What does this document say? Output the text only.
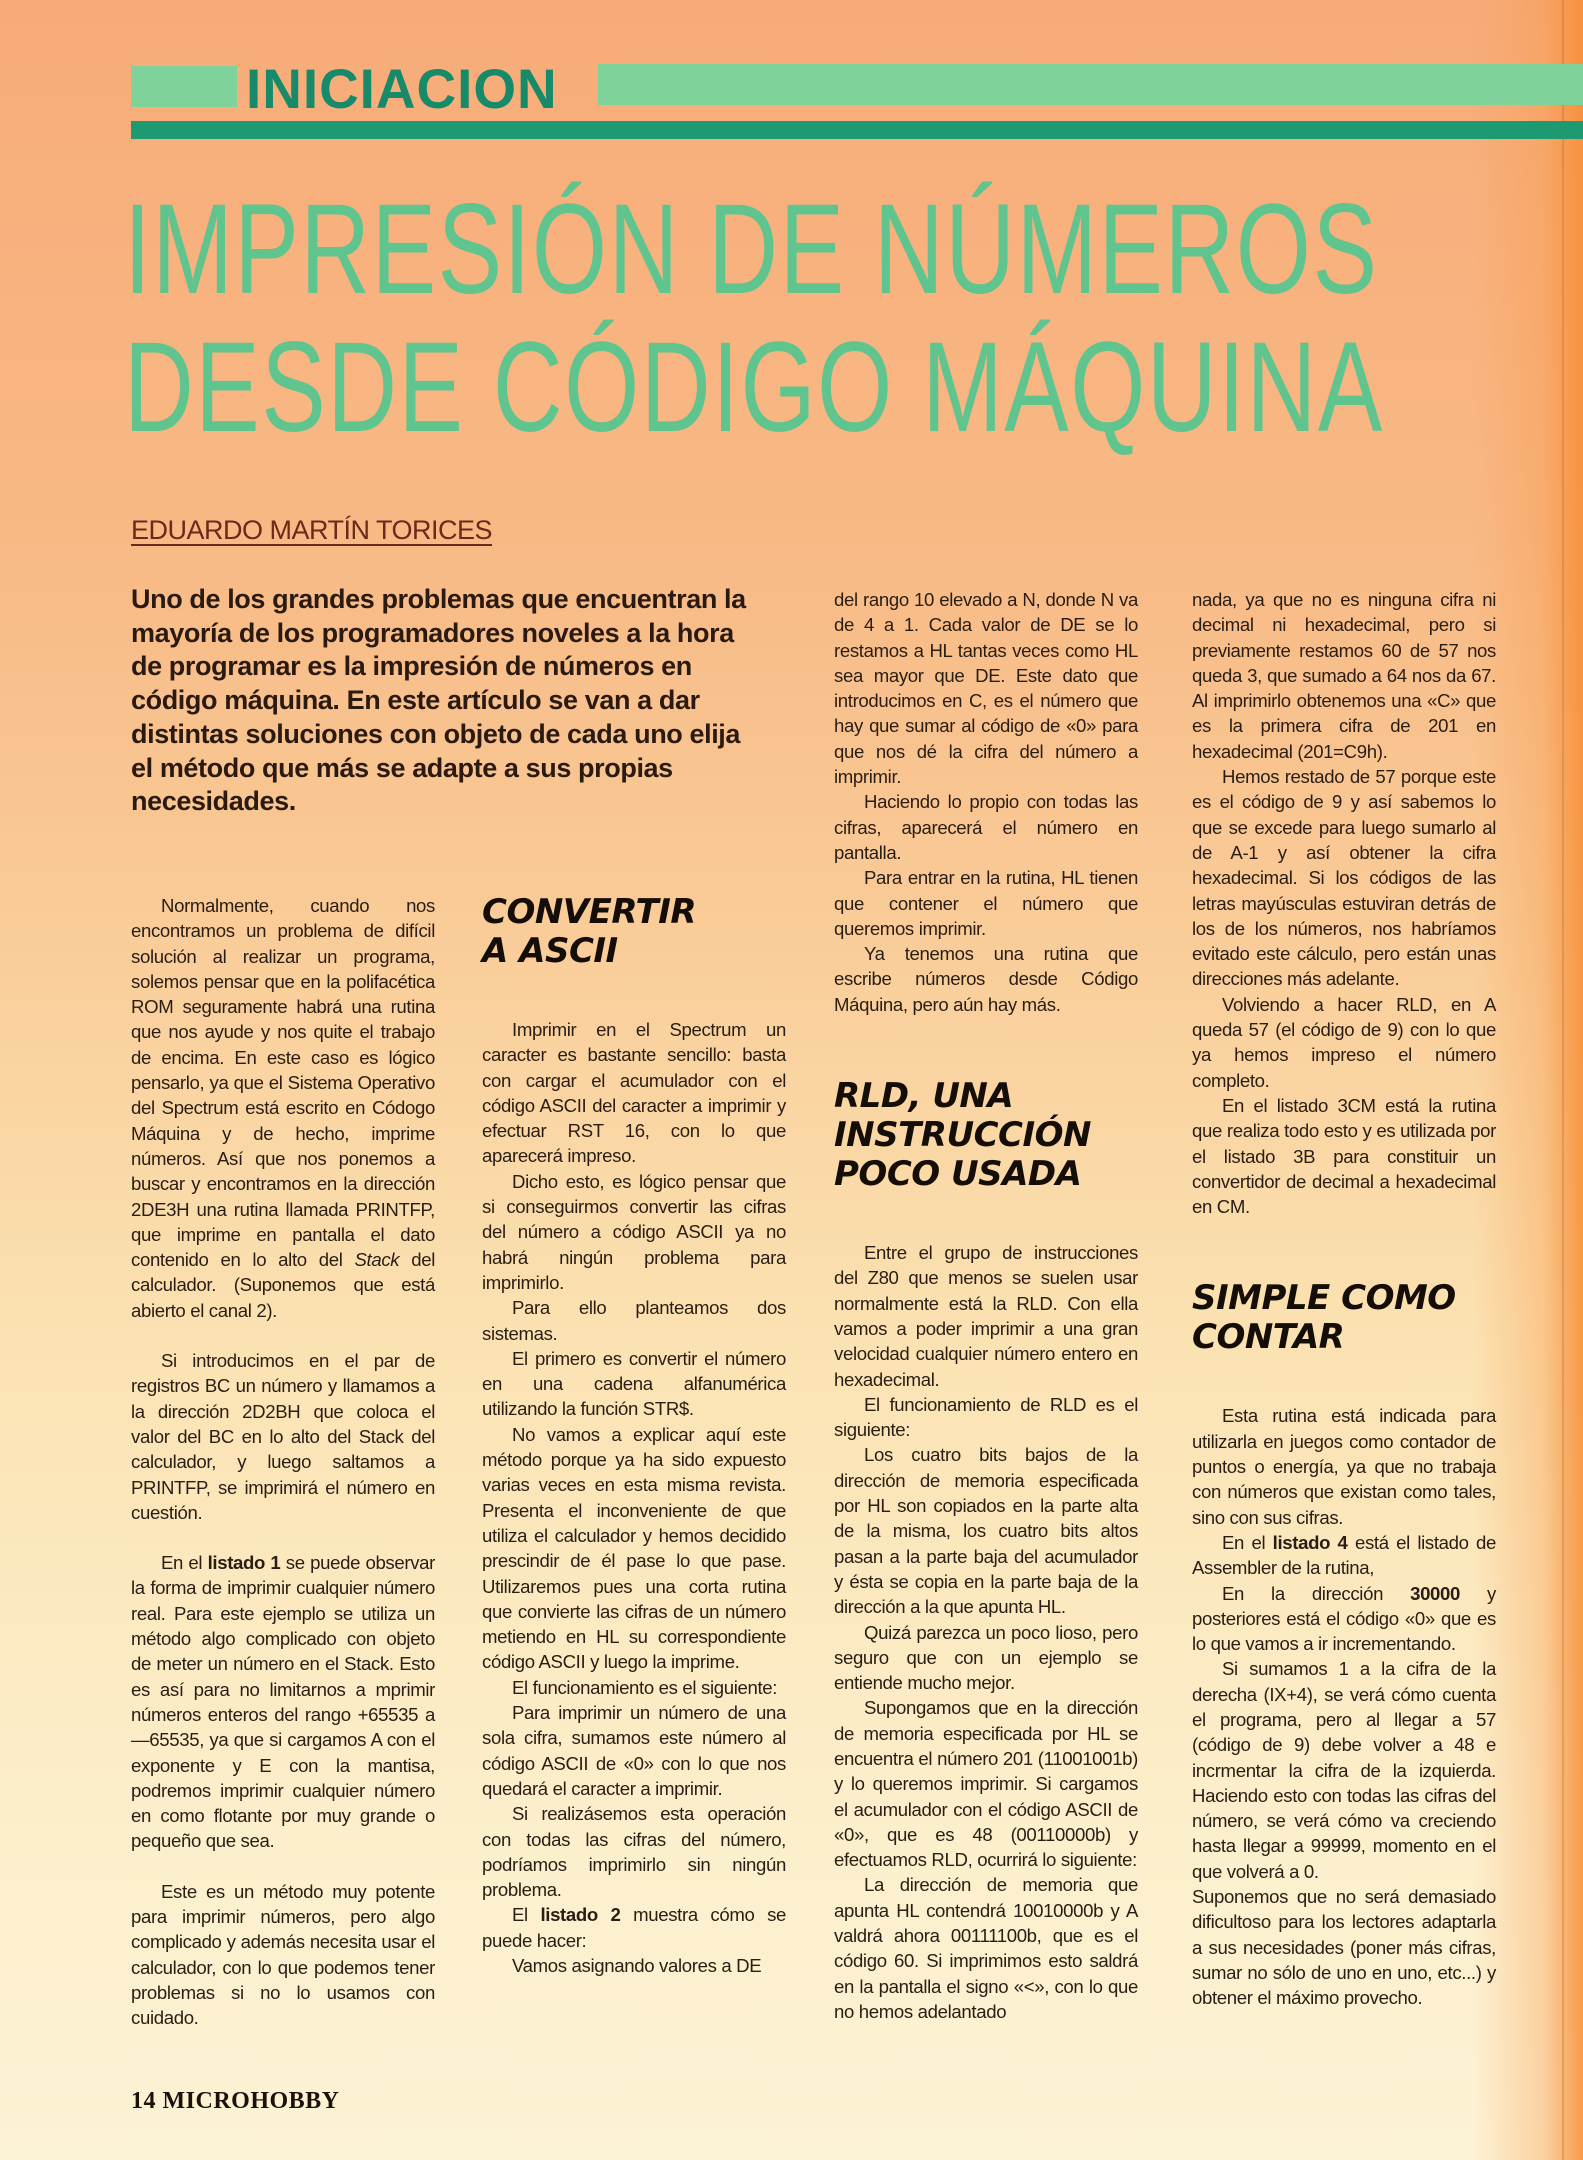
INICIACION
IMPRESIÓN DE NÚMEROS
DESDE CÓDIGO MÁQUINA
EDUARDO MARTÍN TORICES
Uno de los grandes problemas que encuentran la mayoría de los programadores noveles a la hora de programar es la impresión de números en código máquina. En este artículo se van a dar distintas soluciones con objeto de cada uno elija el método que más se adapte a sus propias necesidades.

Normalmente, cuando nos encontramos un problema de difícil solución al realizar un programa, solemos pensar que en la polifacética ROM seguramente habrá una rutina que nos ayude y nos quite el trabajo de encima. En este caso es lógico pensarlo, ya que el Sistema Operativo del Spectrum está escrito en Códogo Máquina y de hecho, imprime números. Así que nos ponemos a buscar y encontramos en la dirección 2DE3H una rutina llamada PRINTFP, que imprime en pantalla el dato contenido en lo alto del Stack del calculador. (Suponemos que está abierto el canal 2).

Si introducimos en el par de registros BC un número y llamamos a la dirección 2D2BH que coloca el valor del BC en lo alto del Stack del calculador, y luego saltamos a PRINTFP, se imprimirá el número en cuestión.

En el listado 1 se puede observar la forma de imprimir cualquier número real. Para este ejemplo se utiliza un método algo complicado con objeto de meter un número en el Stack. Esto es así para no limitarnos a mprimir números enteros del rango +65535 a —65535, ya que si cargamos A con el exponente y E con la mantisa, podremos imprimir cualquier número en como flotante por muy grande o pequeño que sea.

Este es un método muy potente para imprimir números, pero algo complicado y además necesita usar el calculador, con lo que podemos tener problemas si no lo usamos con cuidado.

CONVERTIR A ASCII

Imprimir en el Spectrum un caracter es bastante sencillo: basta con cargar el acumulador con el código ASCII del caracter a imprimir y efectuar RST 16, con lo que aparecerá impreso.

Dicho esto, es lógico pensar que si conseguirmos convertir las cifras del número a código ASCII ya no habrá ningún problema para imprimirlo.

Para ello planteamos dos sistemas.

El primero es convertir el número en una cadena alfanumérica utilizando la función STR$.

No vamos a explicar aquí este método porque ya ha sido expuesto varias veces en esta misma revista. Presenta el inconveniente de que utiliza el calculador y hemos decidido prescindir de él pase lo que pase. Utilizaremos pues una corta rutina que convierte las cifras de un número metiendo en HL su correspondiente código ASCII y luego la imprime.

El funcionamiento es el siguiente:

Para imprimir un número de una sola cifra, sumamos este número al código ASCII de «0» con lo que nos quedará el caracter a imprimir.

Si realizásemos esta operación con todas las cifras del número, podríamos imprimirlo sin ningún problema.

El listado 2 muestra cómo se puede hacer:

Vamos asignando valores a DE

del rango 10 elevado a N, donde N va de 4 a 1. Cada valor de DE se lo restamos a HL tantas veces como HL sea mayor que DE. Este dato que introducimos en C, es el número que hay que sumar al código de «0» para que nos dé la cifra del número a imprimir.

Haciendo lo propio con todas las cifras, aparecerá el número en pantalla.

Para entrar en la rutina, HL tienen que contener el número que queremos imprimir.

Ya tenemos una rutina que escribe números desde Código Máquina, pero aún hay más.

RLD, UNA INSTRUCCIÓN POCO USADA

Entre el grupo de instrucciones del Z80 que menos se suelen usar normalmente está la RLD. Con ella vamos a poder imprimir a una gran velocidad cualquier número entero en hexadecimal.

El funcionamiento de RLD es el siguiente:

Los cuatro bits bajos de la dirección de memoria especificada por HL son copiados en la parte alta de la misma, los cuatro bits altos pasan a la parte baja del acumulador y ésta se copia en la parte baja de la dirección a la que apunta HL.

Quizá parezca un poco lioso, pero seguro que con un ejemplo se entiende mucho mejor.

Supongamos que en la dirección de memoria especificada por HL se encuentra el número 201 (11001001b) y lo queremos imprimir. Si cargamos el acumulador con el código ASCII de «0», que es 48 (00110000b) y efectuamos RLD, ocurrirá lo siguiente:

La dirección de memoria que apunta HL contendrá 10010000b y A valdrá ahora 00111100b, que es el código 60. Si imprimimos esto saldrá en la pantalla el signo «<», con lo que no hemos adelantado

nada, ya que no es ninguna cifra ni decimal ni hexadecimal, pero si previamente restamos 60 de 57 nos queda 3, que sumado a 64 nos da 67. Al imprimirlo obtenemos una «C» que es la primera cifra de 201 en hexadecimal (201=C9h).

Hemos restado de 57 porque este es el código de 9 y así sabemos lo que se excede para luego sumarlo al de A-1 y así obtener la cifra hexadecimal. Si los códigos de las letras mayúsculas estuviran detrás de los de los números, nos habríamos evitado este cálculo, pero están unas direcciones más adelante.

Volviendo a hacer RLD, en A queda 57 (el código de 9) con lo que ya hemos impreso el número completo.

En el listado 3CM está la rutina que realiza todo esto y es utilizada por el listado 3B para constituir un convertidor de decimal a hexadecimal en CM.

SIMPLE COMO CONTAR

Esta rutina está indicada para utilizarla en juegos como contador de puntos o energía, ya que no trabaja con números que existan como tales, sino con sus cifras.

En el listado 4 está el listado de Assembler de la rutina,

En la dirección 30000 y posteriores está el código «0» que es lo que vamos a ir incrementando.

Si sumamos 1 a la cifra de la derecha (IX+4), se verá cómo cuenta el programa, pero al llegar a 57 (código de 9) debe volver a 48 e incrmentar la cifra de la izquierda. Haciendo esto con todas las cifras del número, se verá cómo va creciendo hasta llegar a 99999, momento en el que volverá a 0.

Suponemos que no será demasiado dificultoso para los lectores adaptarla a sus necesidades (poner más cifras, sumar no sólo de uno en uno, etc...) y obtener el máximo provecho.

14 MICROHOBBY
